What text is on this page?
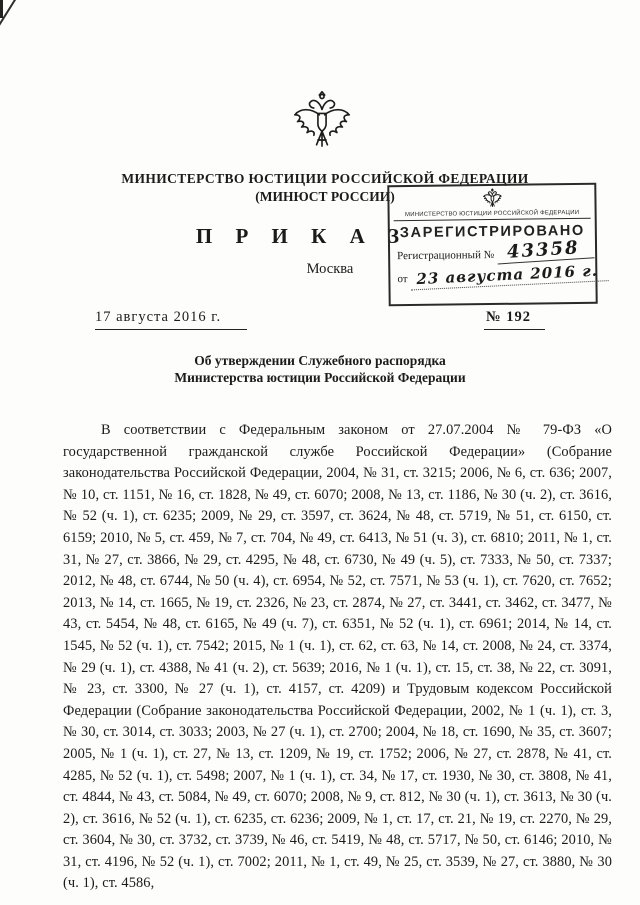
МИНИСТЕРСТВО ЮСТИЦИИ РОССИЙСКОЙ ФЕДЕРАЦИИ
(МИНЮСТ РОССИИ)
П Р И К А З
Москва
МИНИСТЕРСТВО ЮСТИЦИИ РОССИЙСКОЙ ФЕДЕРАЦИИ
ЗАРЕГИСТРИРОВАНО
Регистрационный № 43358
от 23 августа 2016 г.
17 августа 2016 г.	№ 192
Об утверждении Служебного распорядка
Министерства юстиции Российской Федерации

В соответствии с Федеральным законом от 27.07.2004 № 79-ФЗ «О государственной гражданской службе Российской Федерации» (Собрание законодательства Российской Федерации, 2004, № 31, ст. 3215; 2006, № 6, ст. 636; 2007, № 10, ст. 1151, № 16, ст. 1828, № 49, ст. 6070; 2008, № 13, ст. 1186, № 30 (ч. 2), ст. 3616, № 52 (ч. 1), ст. 6235; 2009, № 29, ст. 3597, ст. 3624, № 48, ст. 5719, № 51, ст. 6150, ст. 6159; 2010, № 5, ст. 459, № 7, ст. 704, № 49, ст. 6413, № 51 (ч. 3), ст. 6810; 2011, № 1, ст. 31, № 27, ст. 3866, № 29, ст. 4295, № 48, ст. 6730, № 49 (ч. 5), ст. 7333, № 50, ст. 7337; 2012, № 48, ст. 6744, № 50 (ч. 4), ст. 6954, № 52, ст. 7571, № 53 (ч. 1), ст. 7620, ст. 7652; 2013, № 14, ст. 1665, № 19, ст. 2326, № 23, ст. 2874, № 27, ст. 3441, ст. 3462, ст. 3477, № 43, ст. 5454, № 48, ст. 6165, № 49 (ч. 7), ст. 6351, № 52 (ч. 1), ст. 6961; 2014, № 14, ст. 1545, № 52 (ч. 1), ст. 7542; 2015, № 1 (ч. 1), ст. 62, ст. 63, № 14, ст. 2008, № 24, ст. 3374, № 29 (ч. 1), ст. 4388, № 41 (ч. 2), ст. 5639; 2016, № 1 (ч. 1), ст. 15, ст. 38, № 22, ст. 3091, № 23, ст. 3300, № 27 (ч. 1), ст. 4157, ст. 4209) и Трудовым кодексом Российской Федерации (Собрание законодательства Российской Федерации, 2002, № 1 (ч. 1), ст. 3, № 30, ст. 3014, ст. 3033; 2003, № 27 (ч. 1), ст. 2700; 2004, № 18, ст. 1690, № 35, ст. 3607; 2005, № 1 (ч. 1), ст. 27, № 13, ст. 1209, № 19, ст. 1752; 2006, № 27, ст. 2878, № 41, ст. 4285, № 52 (ч. 1), ст. 5498; 2007, № 1 (ч. 1), ст. 34, № 17, ст. 1930, № 30, ст. 3808, № 41, ст. 4844, № 43, ст. 5084, № 49, ст. 6070; 2008, № 9, ст. 812, № 30 (ч. 1), ст. 3613, № 30 (ч. 2), ст. 3616, № 52 (ч. 1), ст. 6235, ст. 6236; 2009, № 1, ст. 17, ст. 21, № 19, ст. 2270, № 29, ст. 3604, № 30, ст. 3732, ст. 3739, № 46, ст. 5419, № 48, ст. 5717, № 50, ст. 6146; 2010, № 31, ст. 4196, № 52 (ч. 1), ст. 7002; 2011, № 1, ст. 49, № 25, ст. 3539, № 27, ст. 3880, № 30 (ч. 1), ст. 4586,
